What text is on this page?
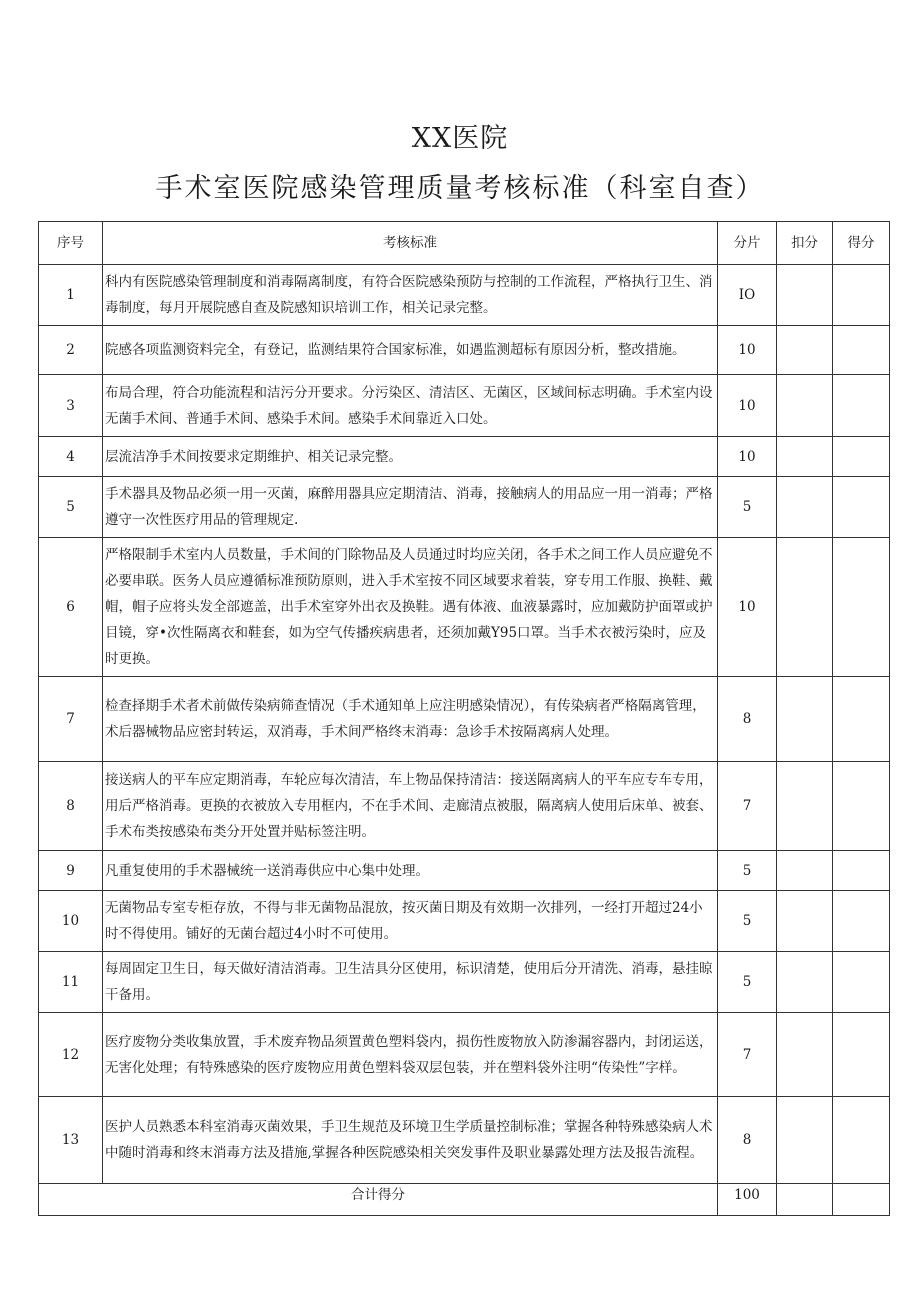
XX医院
手术室医院感染管理质量考核标准（科室自查）
序号	考核标准	分片	扣分	得分
1	科内有医院感染管理制度和消毒隔离制度，有符合医院感染预防与控制的工作流程，严格执行卫生、消毒制度，每月开展院感自查及院感知识培训工作，相关记录完整。	IO		
2	院感各项监测资料完全，有登记，监测结果符合国家标准，如遇监测超标有原因分析，整改措施。	10		
3	布局合理，符合功能流程和洁污分开要求。分污染区、清洁区、无菌区，区域间标志明确。手术室内设无菌手术间、普通手术间、感染手术间。感染手术间靠近入口处。	10		
4	层流洁净手术间按要求定期维护、相关记录完整。	10		
5	手术器具及物品必须一用一灭菌，麻醉用器具应定期清洁、消毒，接触病人的用品应一用一消毒；严格遵守一次性医疗用品的管理规定.	5		
6	严格限制手术室内人员数量，手术间的门除物品及人员通过时均应关闭，各手术之间工作人员应避免不必要串联。医务人员应遵循标准预防原则，进入手术室按不同区域要求着装，穿专用工作服、换鞋、戴帽，帽子应将头发全部遮盖，出手术室穿外出衣及换鞋。遇有体液、血液暴露时，应加戴防护面罩或护目镜，穿•次性隔离衣和鞋套，如为空气传播疾病患者，还须加戴Y95口罩。当手术衣被污染时，应及时更换。	10		
7	检查择期手术者术前做传染病筛查情况（手术通知单上应注明感染情况），有传染病者严格隔离管理，术后器械物品应密封转运，双消毒，手术间严格终末消毒：急诊手术按隔离病人处理。	8		
8	接送病人的平车应定期消毒，车轮应每次清洁，车上物品保持清洁：接送隔离病人的平车应专车专用，用后严格消毒。更换的衣被放入专用框内，不在手术间、走廊清点被服，隔离病人使用后床单、被套、手术布类按感染布类分开处置并贴标签注明。	7		
9	凡重复使用的手术器械统一送消毒供应中心集中处理。	5		
10	无菌物品专室专柜存放，不得与非无菌物品混放，按灭菌日期及有效期一次排列，一经打开超过24小时不得使用。铺好的无菌台超过4小时不可使用。	5		
11	每周固定卫生日，每天做好清洁消毒。卫生洁具分区使用，标识清楚，使用后分开清洗、消毒，悬挂晾干备用。	5		
12	医疗废物分类收集放置，手术废弃物品须置黄色塑料袋内，损伤性废物放入防渗漏容器内，封闭运送，无害化处理；有特殊感染的医疗废物应用黄色塑料袋双层包装，并在塑料袋外注明“传染性”字样。	7		
13	医护人员熟悉本科室消毒灭菌效果，手卫生规范及环境卫生学质量控制标准；掌握各种特殊感染病人术中随时消毒和终末消毒方法及措施,掌握各种医院感染相关突发事件及职业暴露处理方法及报告流程。	8		
合计得分		100		
